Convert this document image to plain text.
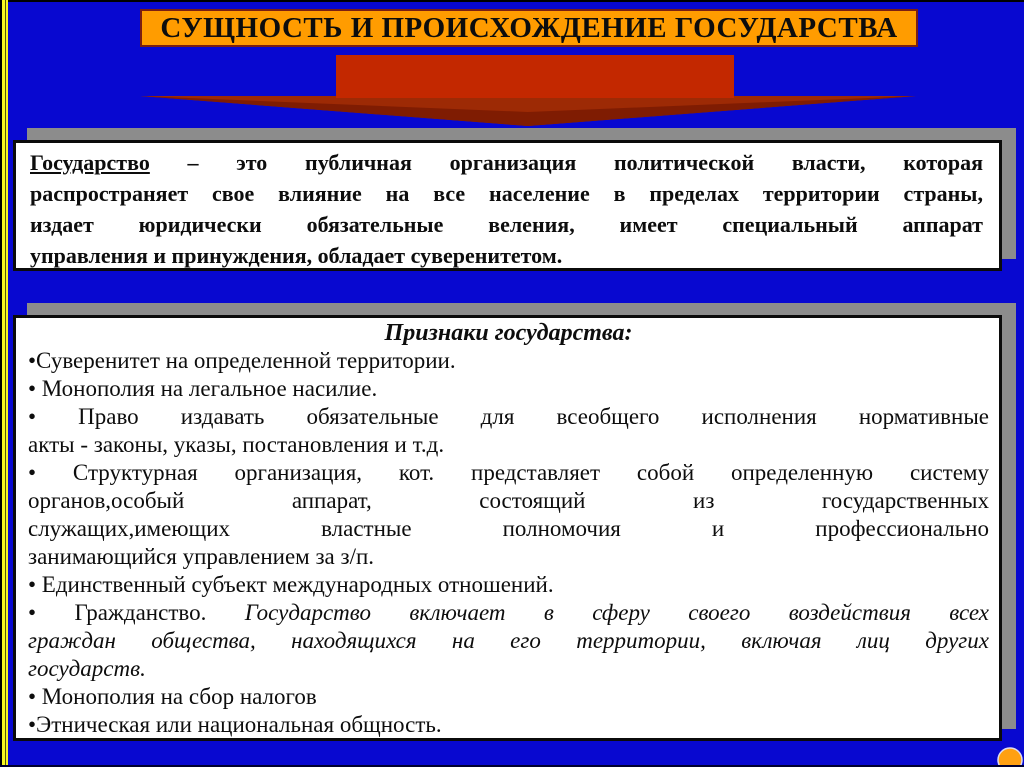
СУЩНОСТЬ И ПРОИСХОЖДЕНИЕ ГОСУДАРСТВА
Государство – это публичная организация политической власти, которая
распространяет свое влияние на все население в пределах территории страны,
издает юридически обязательные веления, имеет специальный аппарат
управления и принуждения, обладает суверенитетом.
Признаки государства:
•Суверенитет на определенной территории.
• Монополия на легальное насилие.
• Право издавать обязательные для всеобщего исполнения нормативные
акты - законы, указы, постановления и т.д.
• Структурная организация, кот. представляет собой определенную систему
органов,особый аппарат, состоящий из государственных
служащих,имеющих властные полномочия и профессионально
занимающийся управлением за з/п.
• Единственный субъект международных отношений.
• Гражданство. Государство включает в сферу своего воздействия всех
граждан общества, находящихся на его территории, включая лиц других
государств.
• Монополия на сбор налогов
•Этническая или национальная общность.
